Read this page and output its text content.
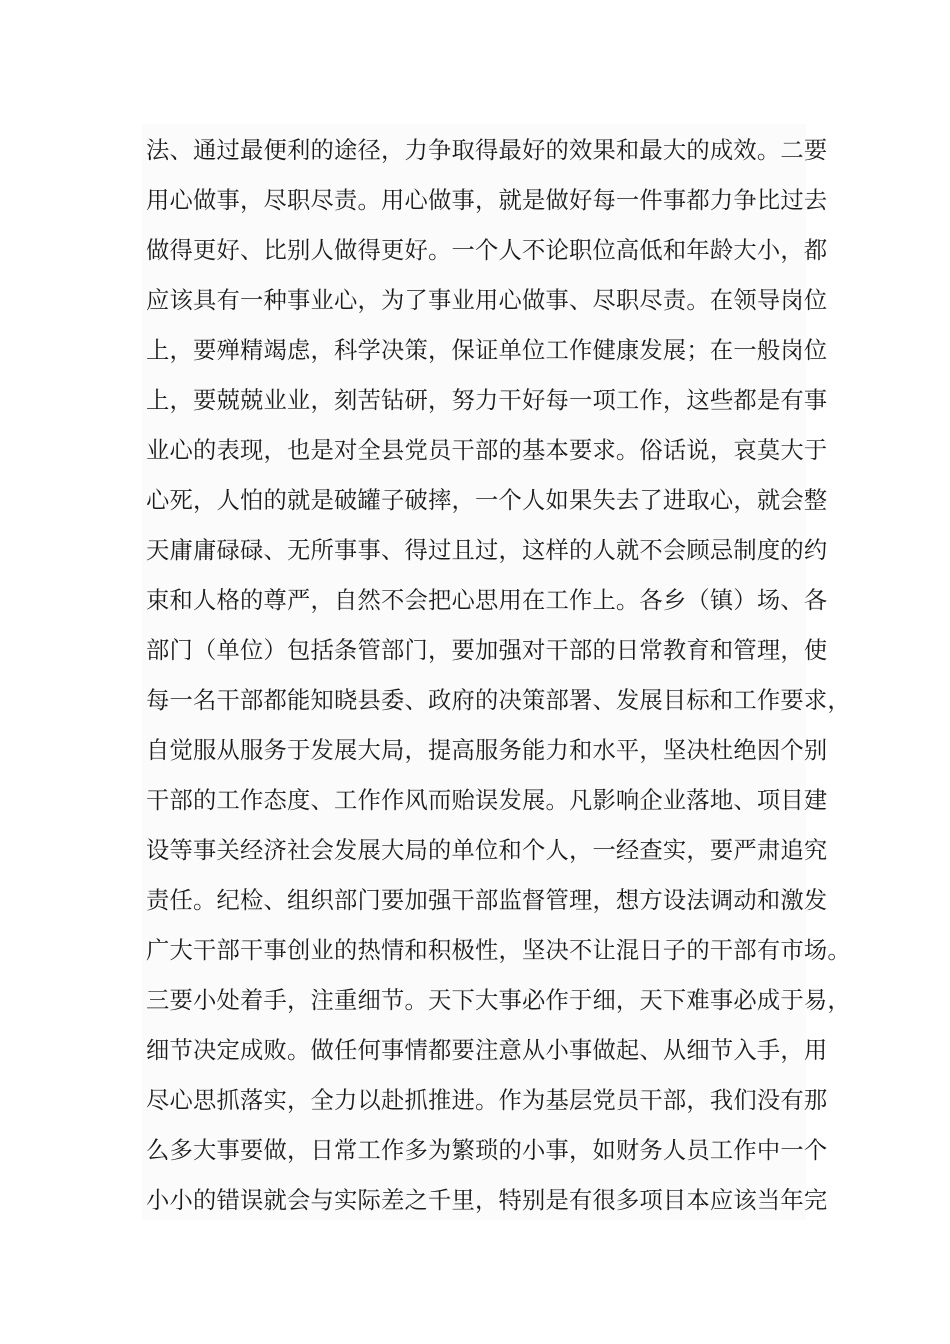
法、通过最便利的途径，力争取得最好的效果和最大的成效。二要
用心做事，尽职尽责。用心做事，就是做好每一件事都力争比过去
做得更好、比别人做得更好。一个人不论职位高低和年龄大小，都
应该具有一种事业心，为了事业用心做事、尽职尽责。在领导岗位
上，要殚精竭虑，科学决策，保证单位工作健康发展；在一般岗位
上，要兢兢业业，刻苦钻研，努力干好每一项工作，这些都是有事
业心的表现，也是对全县党员干部的基本要求。俗话说，哀莫大于
心死，人怕的就是破罐子破摔，一个人如果失去了进取心，就会整
天庸庸碌碌、无所事事、得过且过，这样的人就不会顾忌制度的约
束和人格的尊严，自然不会把心思用在工作上。各乡（镇）场、各
部门（单位）包括条管部门，要加强对干部的日常教育和管理，使
每一名干部都能知晓县委、政府的决策部署、发展目标和工作要求，
自觉服从服务于发展大局，提高服务能力和水平，坚决杜绝因个别
干部的工作态度、工作作风而贻误发展。凡影响企业落地、项目建
设等事关经济社会发展大局的单位和个人，一经查实，要严肃追究
责任。纪检、组织部门要加强干部监督管理，想方设法调动和激发
广大干部干事创业的热情和积极性，坚决不让混日子的干部有市场。
三要小处着手，注重细节。天下大事必作于细，天下难事必成于易，
细节决定成败。做任何事情都要注意从小事做起、从细节入手，用
尽心思抓落实，全力以赴抓推进。作为基层党员干部，我们没有那
么多大事要做，日常工作多为繁琐的小事，如财务人员工作中一个
小小的错误就会与实际差之千里，特别是有很多项目本应该当年完
